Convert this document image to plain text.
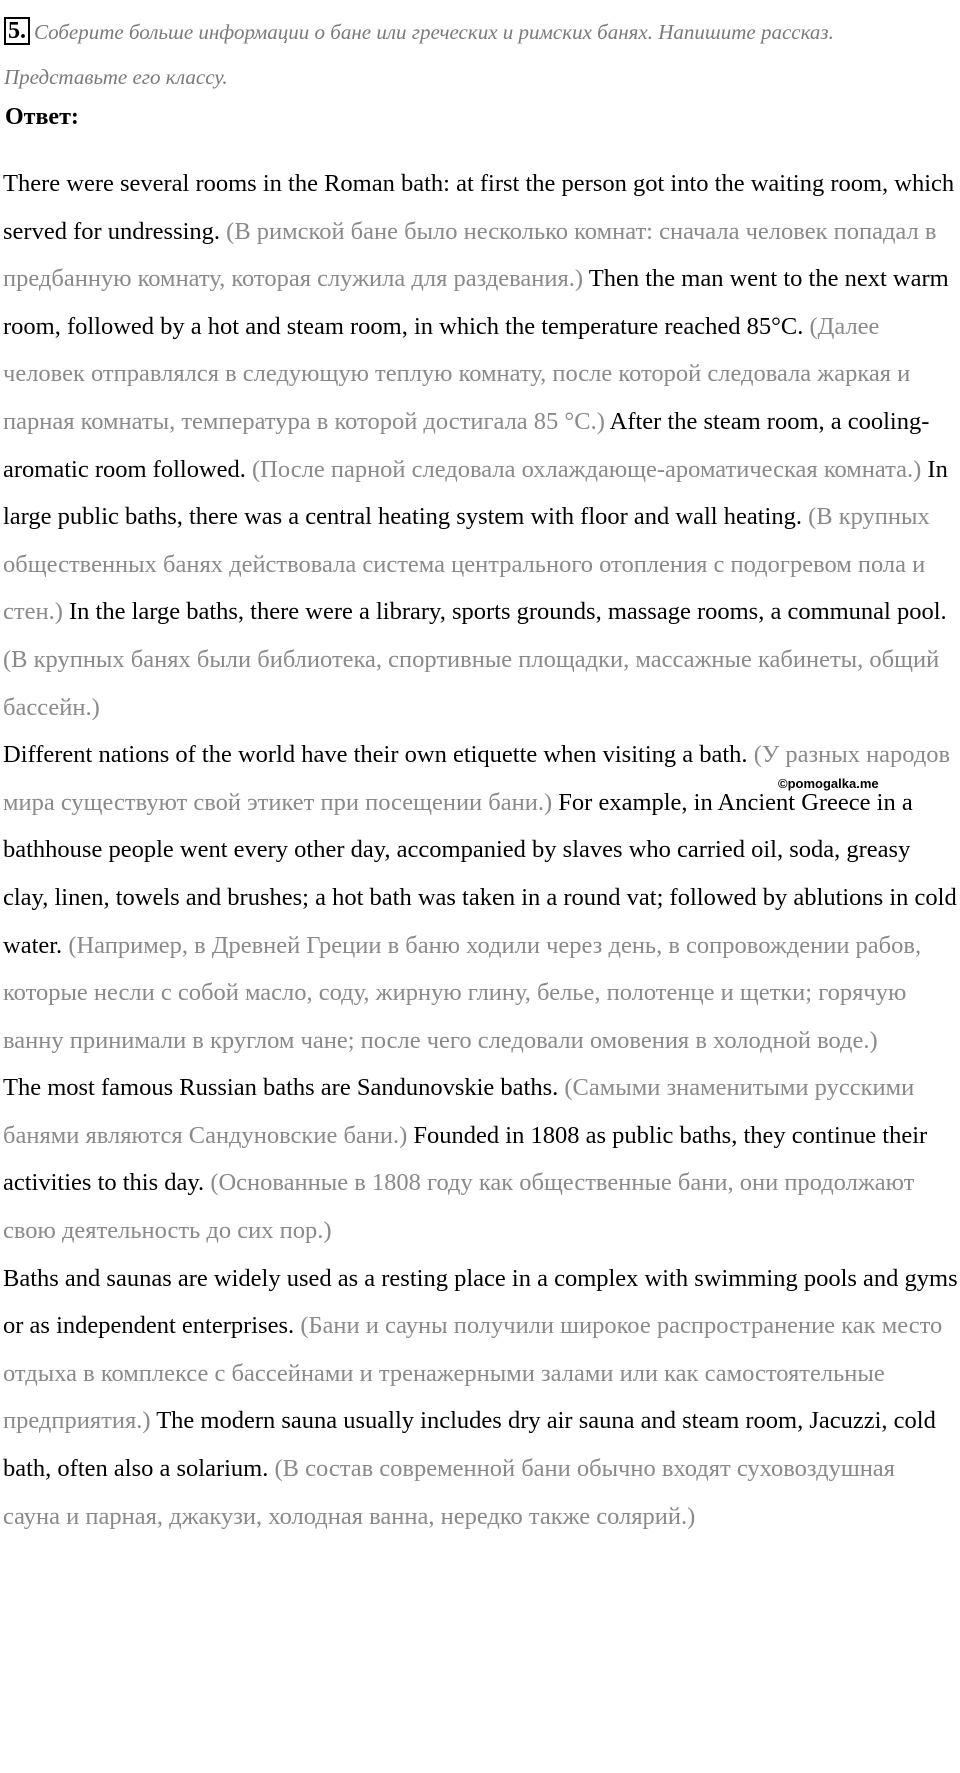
5. Соберите больше информации о бане или греческих и римских банях. Напишите рассказ. Представьте его классу.
Ответ:

There were several rooms in the Roman bath: at first the person got into the waiting room, which served for undressing. (В римской бане было несколько комнат: сначала человек попадал в предбанную комнату, которая служила для раздевания.) Then the man went to the next warm room, followed by a hot and steam room, in which the temperature reached 85°C. (Далее человек отправлялся в следующую теплую комнату, после которой следовала жаркая и парная комнаты, температура в которой достигала 85 °С.) After the steam room, a cooling-aromatic room followed. (После парной следовала охлаждающе-ароматическая комната.) In large public baths, there was a central heating system with floor and wall heating. (В крупных общественных банях действовала система центрального отопления с подогревом пола и стен.) In the large baths, there were a library, sports grounds, massage rooms, a communal pool. (В крупных банях были библиотека, спортивные площадки, массажные кабинеты, общий бассейн.)

Different nations of the world have their own etiquette when visiting a bath. (У разных народов мира существуют свой этикет при посещении бани.) For example, in Ancient Greece in a bathhouse people went every other day, accompanied by slaves who carried oil, soda, greasy clay, linen, towels and brushes; a hot bath was taken in a round vat; followed by ablutions in cold water. (Например, в Древней Греции в баню ходили через день, в сопровождении рабов, которые несли с собой масло, соду, жирную глину, белье, полотенце и щетки; горячую ванну принимали в круглом чане; после чего следовали омовения в холодной воде.)

The most famous Russian baths are Sandunovskie baths. (Самыми знаменитыми русскими банями являются Сандуновские бани.) Founded in 1808 as public baths, they continue their activities to this day. (Основанные в 1808 году как общественные бани, они продолжают свою деятельность до сих пор.)

Baths and saunas are widely used as a resting place in a complex with swimming pools and gyms or as independent enterprises. (Бани и сауны получили широкое распространение как место отдыха в комплексе с бассейнами и тренажерными залами или как самостоятельные предприятия.) The modern sauna usually includes dry air sauna and steam room, Jacuzzi, cold bath, often also a solarium. (В состав современной бани обычно входят суховоздушная сауна и парная, джакузи, холодная ванна, нередко также солярий.)

©pomogalka.me
